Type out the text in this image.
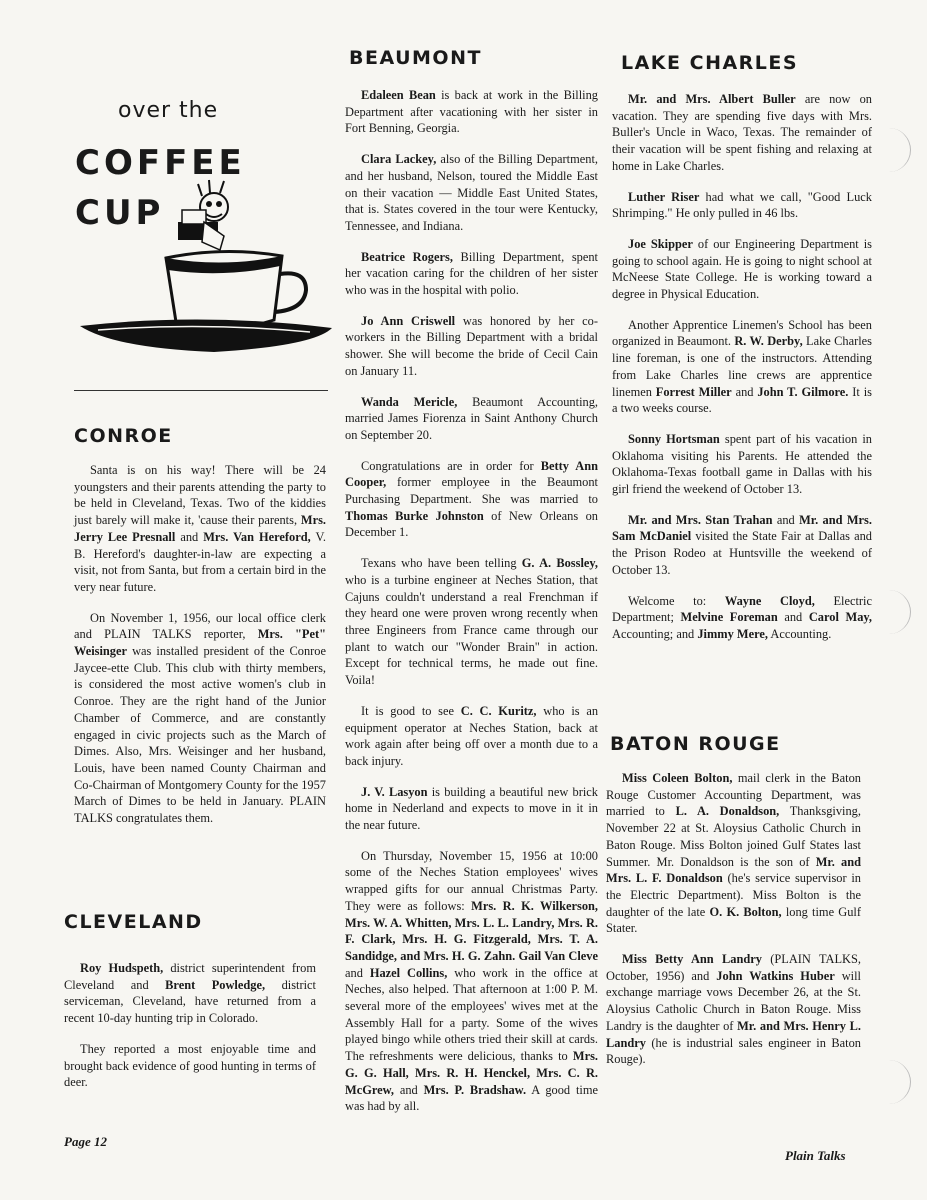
over the
COFFEE
CUP
CONROE

Santa is on his way! There will be 24 youngsters and their parents attending the party to be held in Cleveland, Texas. Two of the kiddies just barely will make it, 'cause their parents, Mrs. Jerry Lee Presnall and Mrs. Van Hereford, V. B. Hereford's daughter-in-law are expecting a visit, not from Santa, but from a certain bird in the very near future.

On November 1, 1956, our local office clerk and PLAIN TALKS reporter, Mrs. "Pet" Weisinger was installed president of the Conroe Jaycee-ette Club. This club with thirty members, is considered the most active women's club in Conroe. They are the right hand of the Junior Chamber of Commerce, and are constantly engaged in civic projects such as the March of Dimes. Also, Mrs. Weisinger and her husband, Louis, have been named County Chairman and Co-Chairman of Montgomery County for the 1957 March of Dimes to be held in January. PLAIN TALKS congratulates them.

CLEVELAND

Roy Hudspeth, district superintendent from Cleveland and Brent Powledge, district serviceman, Cleveland, have returned from a recent 10-day hunting trip in Colorado.

They reported a most enjoyable time and brought back evidence of good hunting in terms of deer.

BEAUMONT

Edaleen Bean is back at work in the Billing Department after vacationing with her sister in Fort Benning, Georgia.

Clara Lackey, also of the Billing Department, and her husband, Nelson, toured the Middle East on their vacation — Middle East United States, that is. States covered in the tour were Kentucky, Tennessee, and Indiana.

Beatrice Rogers, Billing Department, spent her vacation caring for the children of her sister who was in the hospital with polio.

Jo Ann Criswell was honored by her co-workers in the Billing Department with a bridal shower. She will become the bride of Cecil Cain on January 11.

Wanda Mericle, Beaumont Accounting, married James Fiorenza in Saint Anthony Church on September 20.

Congratulations are in order for Betty Ann Cooper, former employee in the Beaumont Purchasing Department. She was married to Thomas Burke Johnston of New Orleans on December 1.

Texans who have been telling G. A. Bossley, who is a turbine engineer at Neches Station, that Cajuns couldn't understand a real Frenchman if they heard one were proven wrong recently when three Engineers from France came through our plant to watch our "Wonder Brain" in action. Except for technical terms, he made out fine. Voila!

It is good to see C. C. Kuritz, who is an equipment operator at Neches Station, back at work again after being off over a month due to a back injury.

J. V. Lasyon is building a beautiful new brick home in Nederland and expects to move in it in the near future.

On Thursday, November 15, 1956 at 10:00 some of the Neches Station employees' wives wrapped gifts for our annual Christmas Party. They were as follows: Mrs. R. K. Wilkerson, Mrs. W. A. Whitten, Mrs. L. L. Landry, Mrs. R. F. Clark, Mrs. H. G. Fitzgerald, Mrs. T. A. Sandidge, and Mrs. H. G. Zahn. Gail Van Cleve and Hazel Collins, who work in the office at Neches, also helped. That afternoon at 1:00 P. M. several more of the employees' wives met at the Assembly Hall for a party. Some of the wives played bingo while others tried their skill at cards. The refreshments were delicious, thanks to Mrs. G. G. Hall, Mrs. R. H. Henckel, Mrs. C. R. McGrew, and Mrs. P. Bradshaw. A good time was had by all.

LAKE CHARLES

Mr. and Mrs. Albert Buller are now on vacation. They are spending five days with Mrs. Buller's Uncle in Waco, Texas. The remainder of their vacation will be spent fishing and relaxing at home in Lake Charles.

Luther Riser had what we call, "Good Luck Shrimping." He only pulled in 46 lbs.

Joe Skipper of our Engineering Department is going to school again. He is going to night school at McNeese State College. He is working toward a degree in Physical Education.

Another Apprentice Linemen's School has been organized in Beaumont. R. W. Derby, Lake Charles line foreman, is one of the instructors. Attending from Lake Charles line crews are apprentice linemen Forrest Miller and John T. Gilmore. It is a two weeks course.

Sonny Hortsman spent part of his vacation in Oklahoma visiting his Parents. He attended the Oklahoma-Texas football game in Dallas with his girl friend the weekend of October 13.

Mr. and Mrs. Stan Trahan and Mr. and Mrs. Sam McDaniel visited the State Fair at Dallas and the Prison Rodeo at Huntsville the weekend of October 13.

Welcome to: Wayne Cloyd, Electric Department; Melvine Foreman and Carol May, Accounting; and Jimmy Mere, Accounting.

BATON ROUGE

Miss Coleen Bolton, mail clerk in the Baton Rouge Customer Accounting Department, was married to L. A. Donaldson, Thanksgiving, November 22 at St. Aloysius Catholic Church in Baton Rouge. Miss Bolton joined Gulf States last Summer. Mr. Donaldson is the son of Mr. and Mrs. L. F. Donaldson (he's service supervisor in the Electric Department). Miss Bolton is the daughter of the late O. K. Bolton, long time Gulf Stater.

Miss Betty Ann Landry (PLAIN TALKS, October, 1956) and John Watkins Huber will exchange marriage vows December 26, at the St. Aloysius Catholic Church in Baton Rouge. Miss Landry is the daughter of Mr. and Mrs. Henry L. Landry (he is industrial sales engineer in Baton Rouge).

Page 12
Plain Talks
